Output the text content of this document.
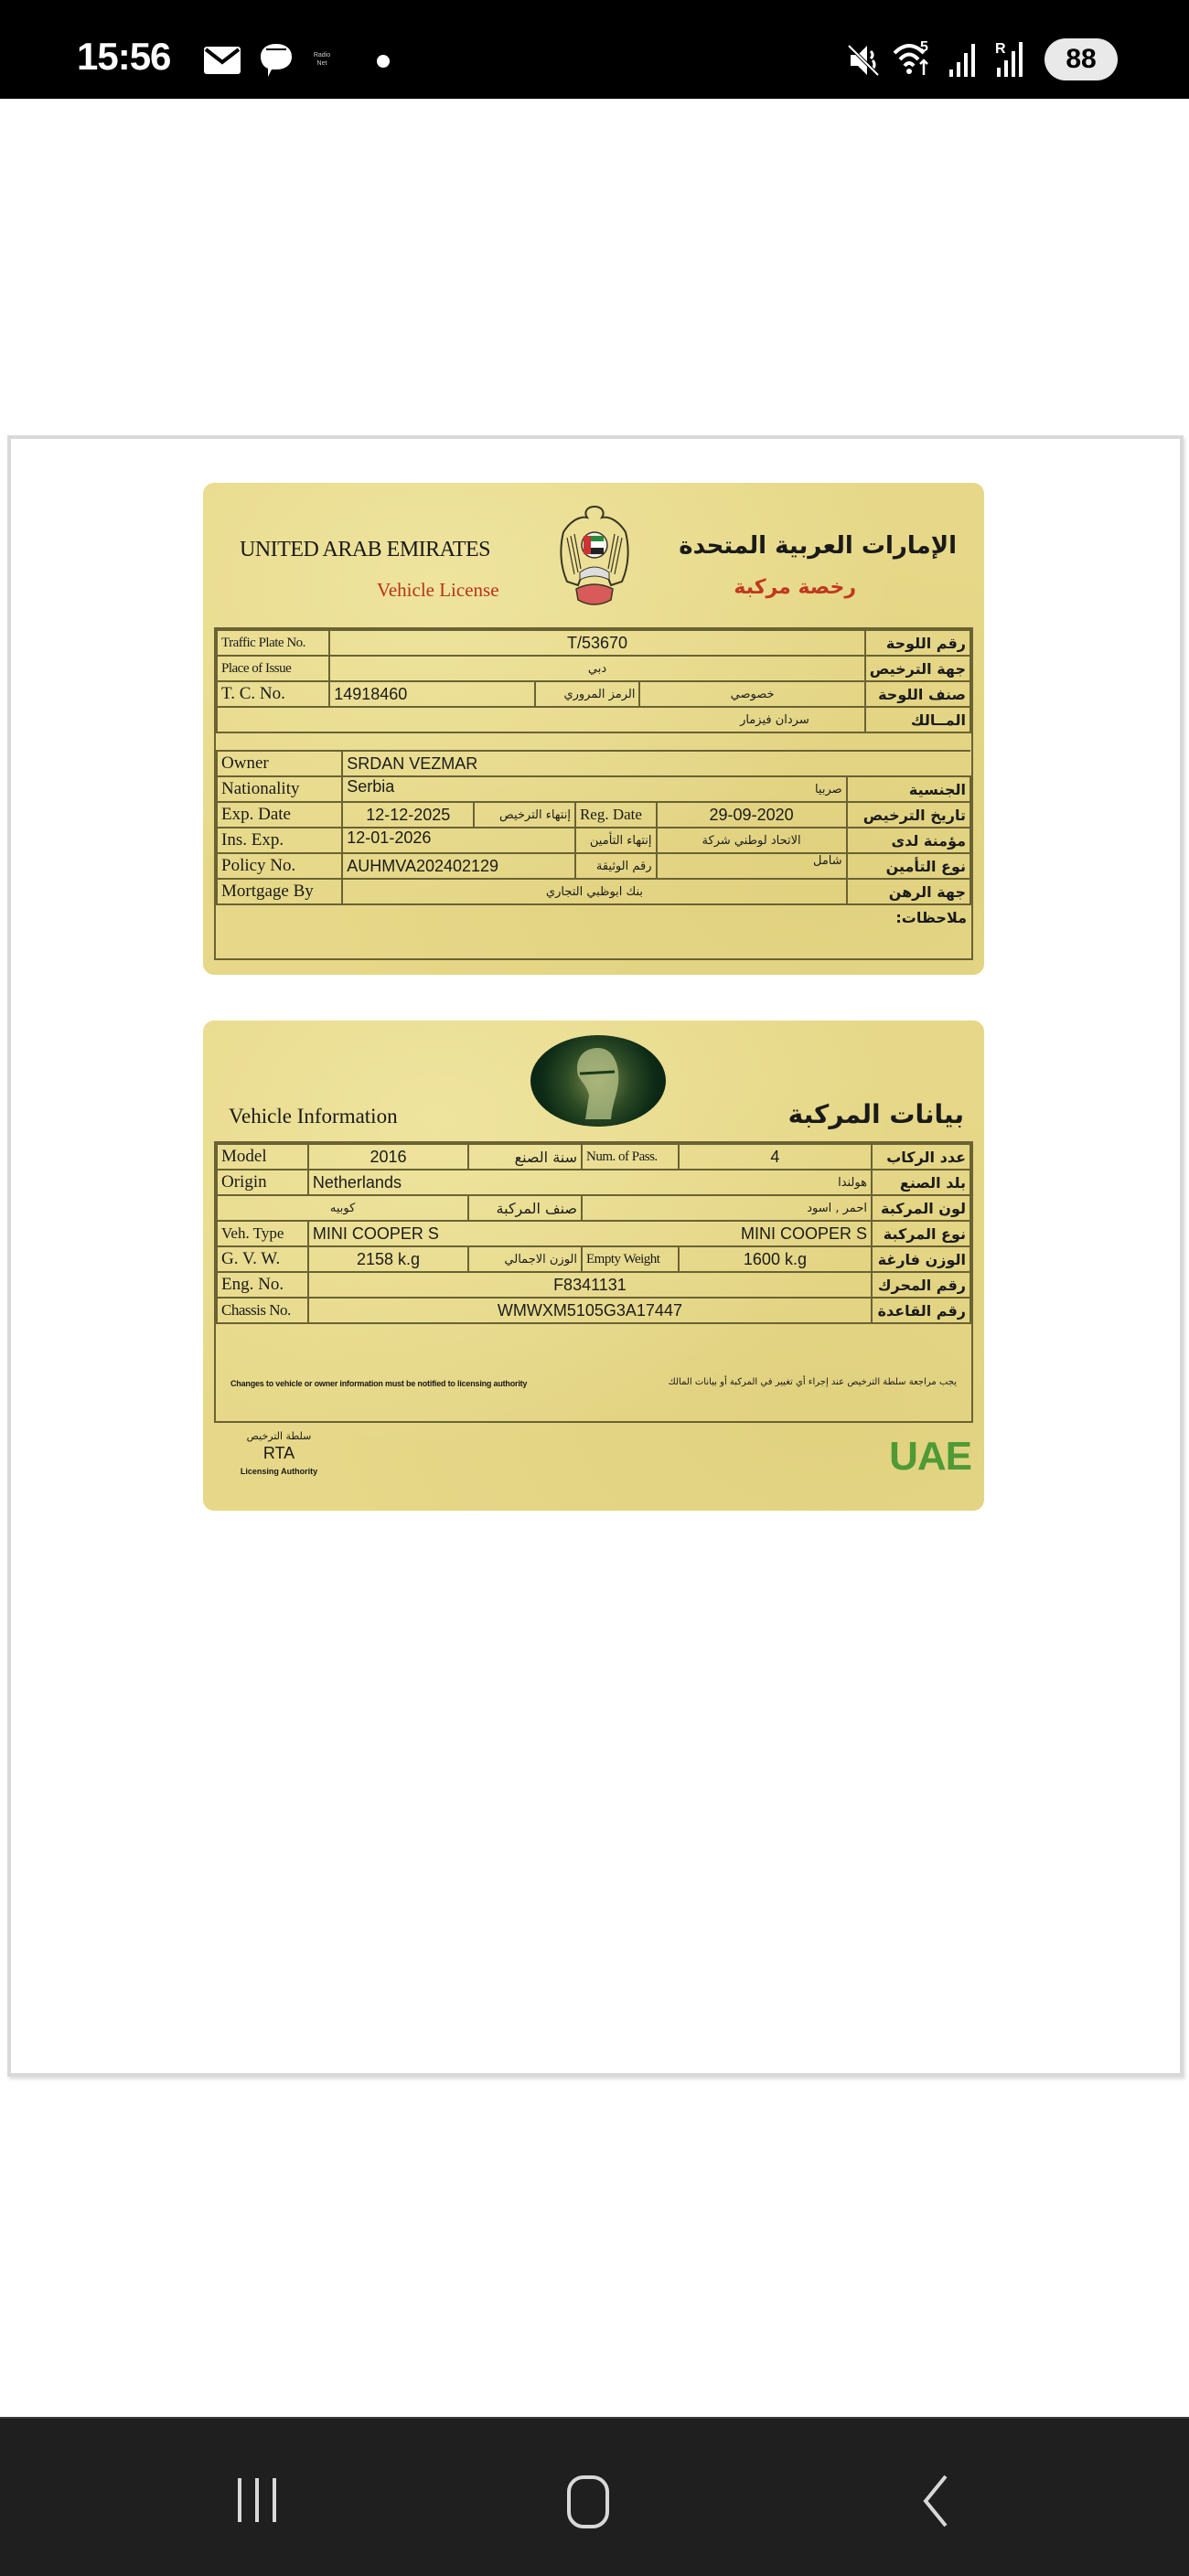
15:56	Radio Net
5	R	88
UNITED ARAB EMIRATES
Vehicle License
الإمارات العربية المتحدة
رخصة مركبة
Traffic Plate No.	T/53670			رقم اللوحة
Place of Issue	دبي			جهة الترخيص
T. C. No.	14918460	الرمز المروري	خصوصي	صنف اللوحة
سردان فيزمار				المــالك
Owner	SRDAN VEZMAR				
Nationality	Serbia		صربيا		الجنسية
Exp. Date	12-12-2025	إنتهاء الترخيص	Reg. Date	29-09-2020	تاريخ الترخيص
Ins. Exp.	12-01-2026		إنتهاء التأمين	الاتحاد لوطني شركة	مؤمنة لدى
Policy No.	AUHMVA202402129		رقم الوثيقة	شامل	نوع التأمين
Mortgage By	بنك ابوظبي التجاري				جهة الرهن
ملاحظات:					
Vehicle Information	بيانات المركبة
Model	2016	سنة الصنع	Num. of Pass.	4	عدد الركاب
Origin	Netherlands		هولندا		بلد الصنع
كوبيه		صنف المركبة	احمر , اسود		لون المركبة
Veh. Type	MINI COOPER S		MINI COOPER S		نوع المركبة
G. V. W.	2158 k.g	الوزن الاجمالي	Empty Weight	1600 k.g	الوزن فارغة
Eng. No.	F8341131				رقم المحرك
Chassis No.	WMWXM5105G3A17447				رقم القاعدة
Changes to vehicle or owner information must be notified to licensing authority	يجب مراجعة سلطة الترخيص عند إجراء أي تغيير في المركبة أو بيانات المالك
سلطة الترخيص
RTA
Licensing Authority	UAE
